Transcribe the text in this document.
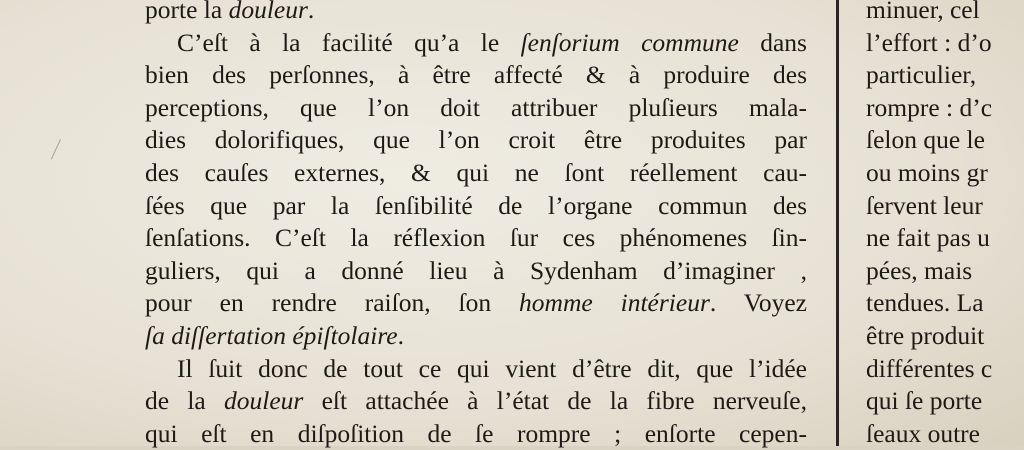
porte la douleur.
C’eſt à la facilité qu’a le ſenſorium commune dans
bien des perſonnes, à être affecté & à produire des
perceptions, que l’on doit attribuer pluſieurs mala-
dies dolorifiques, que l’on croit être produites par
des cauſes externes, & qui ne ſont réellement cau-
ſées que par la ſenſibilité de l’organe commun des
ſenſations. C’eſt la réflexion ſur ces phénomenes ſin-
guliers, qui a donné lieu à Sydenham d’imaginer ,
pour en rendre raiſon, ſon homme intérieur. Voyez
ſa diſſertation épiſtolaire.
Il ſuit donc de tout ce qui vient d’être dit, que l’idée
de la douleur eſt attachée à l’état de la fibre nerveuſe,
qui eſt en diſpoſition de ſe rompre ; enſorte cepen-
minuer, cel
l’effort : d’o
particulier,
rompre : d’c
ſelon que le
ou moins gr
ſervent leur
ne fait pas u
pées, mais
tendues. La
être produit
différentes c
qui ſe porte
ſeaux outre
